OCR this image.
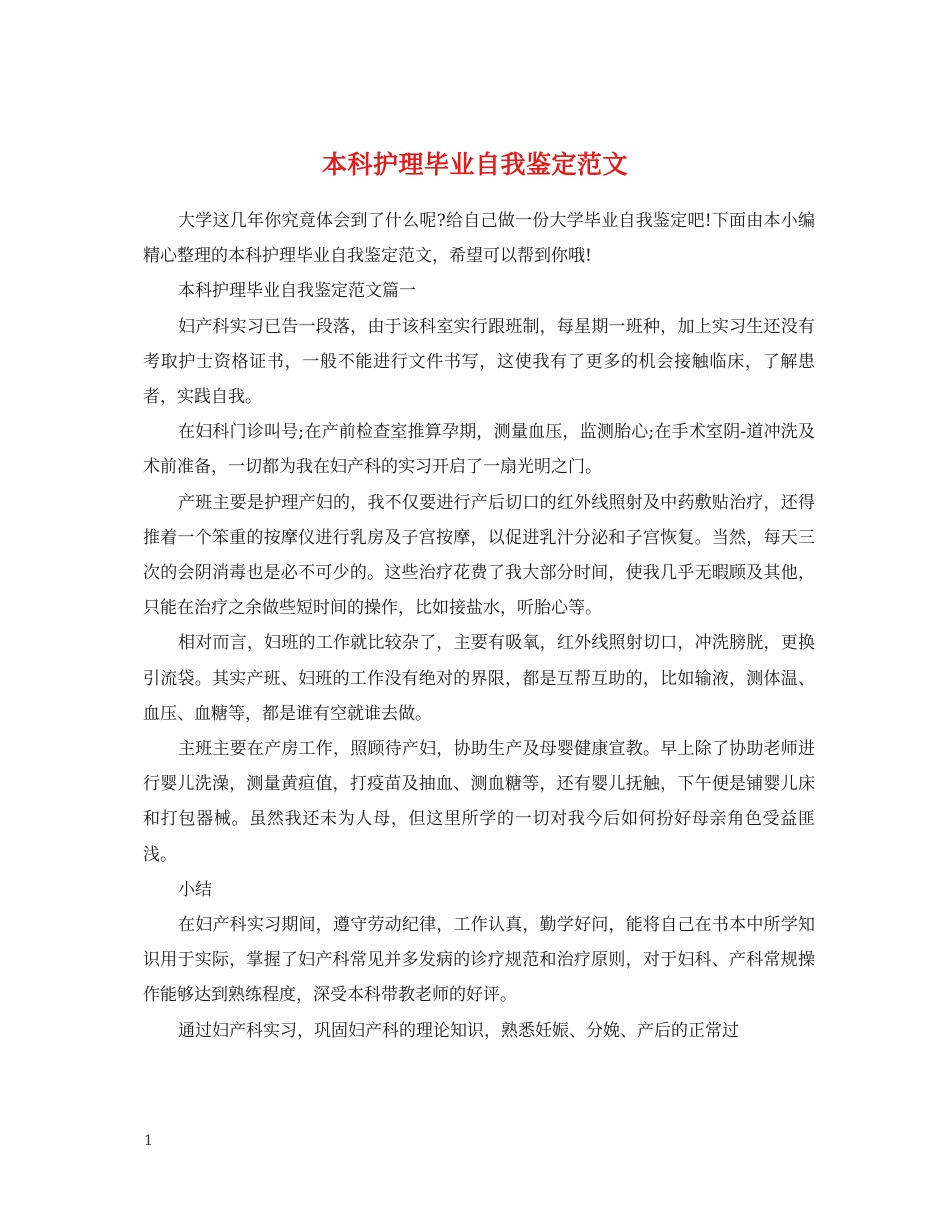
本科护理毕业自我鉴定范文

大学这几年你究竟体会到了什么呢?给自己做一份大学毕业自我鉴定吧!下面由本小编精心整理的本科护理毕业自我鉴定范文，希望可以帮到你哦!

本科护理毕业自我鉴定范文篇一

妇产科实习已告一段落，由于该科室实行跟班制，每星期一班种，加上实习生还没有考取护士资格证书，一般不能进行文件书写，这使我有了更多的机会接触临床，了解患者，实践自我。

在妇科门诊叫号;在产前检查室推算孕期，测量血压，监测胎心;在手术室阴-道冲洗及术前准备，一切都为我在妇产科的实习开启了一扇光明之门。

产班主要是护理产妇的，我不仅要进行产后切口的红外线照射及中药敷贴治疗，还得推着一个笨重的按摩仪进行乳房及子宫按摩，以促进乳汁分泌和子宫恢复。当然，每天三次的会阴消毒也是必不可少的。这些治疗花费了我大部分时间，使我几乎无暇顾及其他，只能在治疗之余做些短时间的操作，比如接盐水，听胎心等。

相对而言，妇班的工作就比较杂了，主要有吸氧，红外线照射切口，冲洗膀胱，更换引流袋。其实产班、妇班的工作没有绝对的界限，都是互帮互助的，比如输液，测体温、血压、血糖等，都是谁有空就谁去做。

主班主要在产房工作，照顾待产妇，协助生产及母婴健康宣教。早上除了协助老师进行婴儿洗澡，测量黄疸值，打疫苗及抽血、测血糖等，还有婴儿抚触，下午便是铺婴儿床和打包器械。虽然我还未为人母，但这里所学的一切对我今后如何扮好母亲角色受益匪浅。

小结

在妇产科实习期间，遵守劳动纪律，工作认真，勤学好问，能将自己在书本中所学知识用于实际，掌握了妇产科常见并多发病的诊疗规范和治疗原则，对于妇科、产科常规操作能够达到熟练程度，深受本科带教老师的好评。

通过妇产科实习，巩固妇产科的理论知识，熟悉妊娠、分娩、产后的正常过

1
